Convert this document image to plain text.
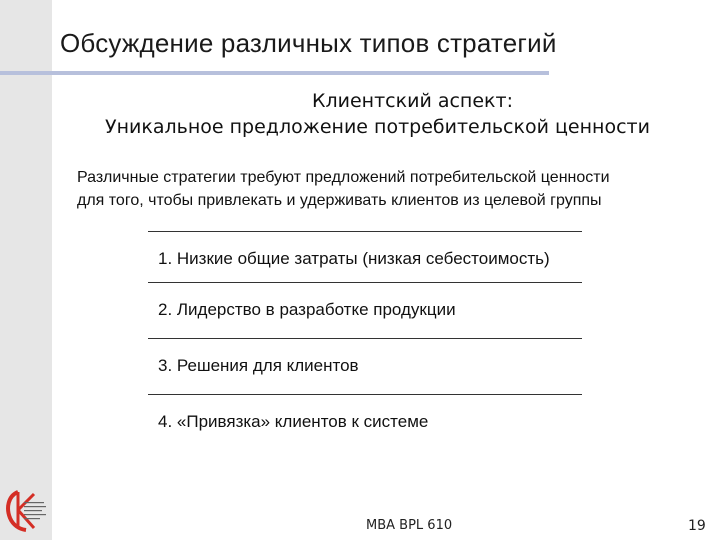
Обсуждение различных типов стратегий
Клиентский аспект:
Уникальное предложение потребительской ценности
Различные стратегии требуют предложений потребительской ценности
для того, чтобы привлекать и удерживать клиентов из целевой группы
1. Низкие общие затраты (низкая себестоимость)
2. Лидерство в разработке продукции
3. Решения для клиентов
4. «Привязка» клиентов к системе
MBA BPL 610	19
